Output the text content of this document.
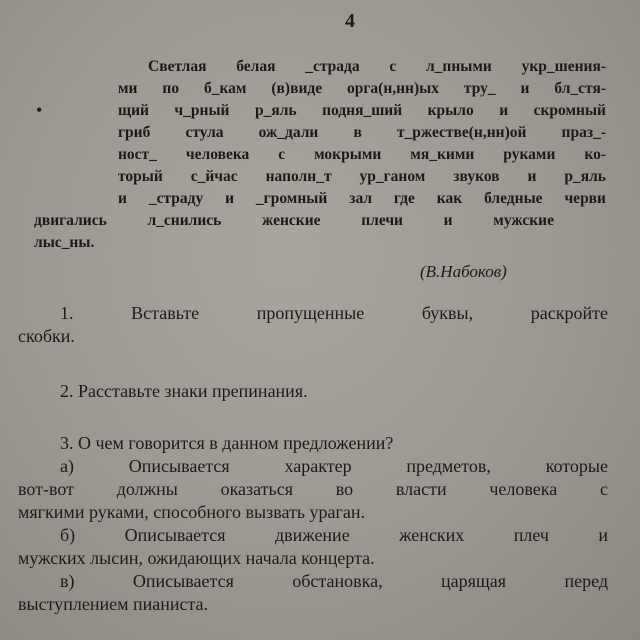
4
•
Светлая белая _страда с л_пными укр_шения-
ми по б_кам (в)виде орга(н,нн)ых тру_ и бл_стя-
щий ч_рный р_яль подня_ший крыло и скромный
гриб стула ож_дали в т_ржестве(н,нн)ой праз_-
ност_ человека с мокрыми мя_кими руками ко-
торый с_йчас наполн_т ур_ганом звуков и р_яль
и _страду и _громный зал где как бледные черви
двигались л_снились женские плечи и мужские
лыс_ны.
(В.Набоков)
1. Вставьте пропущенные буквы, раскройте
скобки.
2. Расставьте знаки препинания.
3. О чем говорится в данном предложении?
а) Описывается характер предметов, которые
вот-вот должны оказаться во власти человека с
мягкими руками, способного вызвать ураган.
б) Описывается движение женских плеч и
мужских лысин, ожидающих начала концерта.
в) Описывается обстановка, царящая перед
выступлением пианиста.
